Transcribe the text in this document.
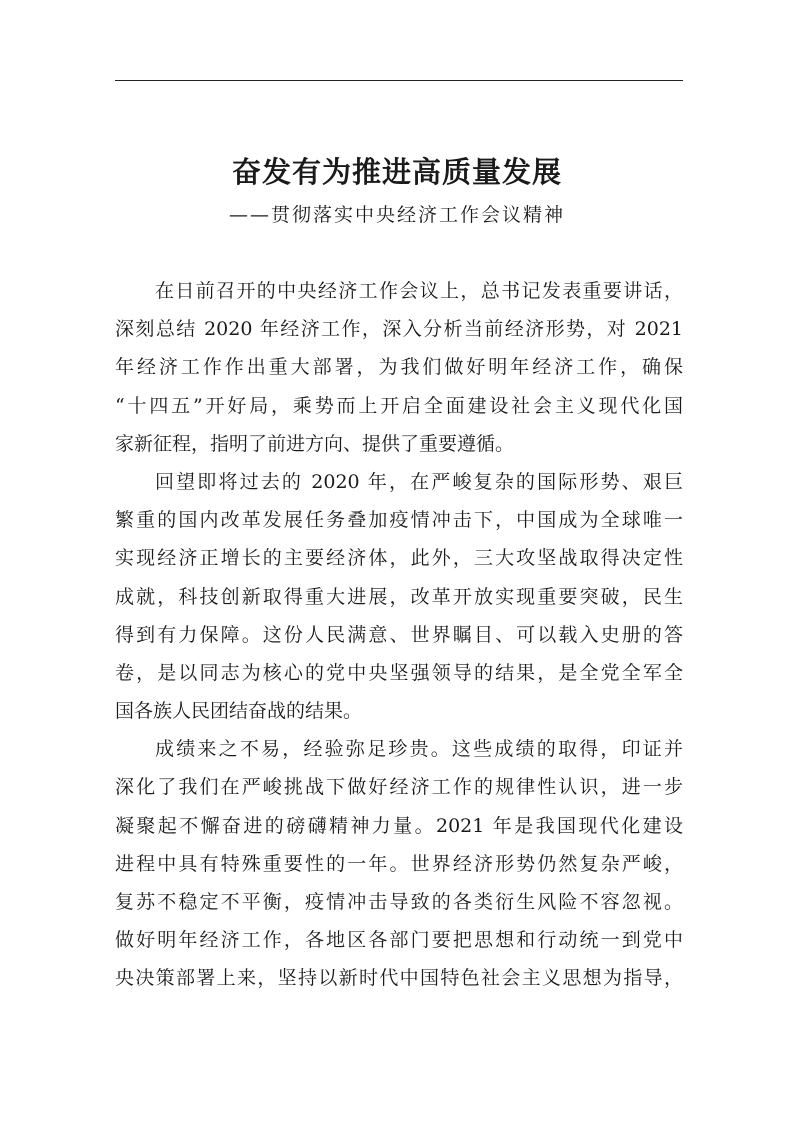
奋发有为推进高质量发展
——贯彻落实中央经济工作会议精神
在日前召开的中央经济工作会议上，总书记发表重要讲话，
深刻总结 2020 年经济工作，深入分析当前经济形势，对 2021
年经济工作作出重大部署，为我们做好明年经济工作，确保
“十四五”开好局，乘势而上开启全面建设社会主义现代化国
家新征程，指明了前进方向、提供了重要遵循。
回望即将过去的 2020 年，在严峻复杂的国际形势、艰巨
繁重的国内改革发展任务叠加疫情冲击下，中国成为全球唯一
实现经济正增长的主要经济体，此外，三大攻坚战取得决定性
成就，科技创新取得重大进展，改革开放实现重要突破，民生
得到有力保障。这份人民满意、世界瞩目、可以载入史册的答
卷，是以同志为核心的党中央坚强领导的结果，是全党全军全
国各族人民团结奋战的结果。
成绩来之不易，经验弥足珍贵。这些成绩的取得，印证并
深化了我们在严峻挑战下做好经济工作的规律性认识，进一步
凝聚起不懈奋进的磅礴精神力量。2021 年是我国现代化建设
进程中具有特殊重要性的一年。世界经济形势仍然复杂严峻，
复苏不稳定不平衡，疫情冲击导致的各类衍生风险不容忽视。
做好明年经济工作，各地区各部门要把思想和行动统一到党中
央决策部署上来，坚持以新时代中国特色社会主义思想为指导，
